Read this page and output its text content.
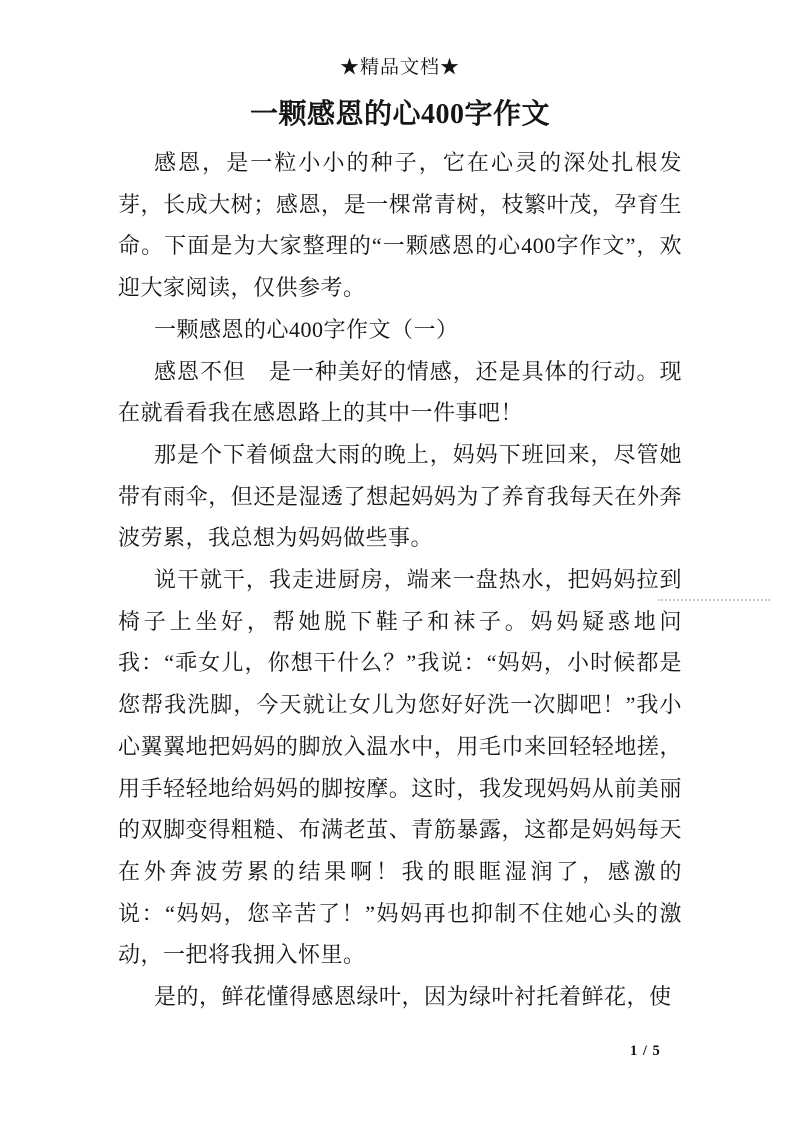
★精品文档★
一颗感恩的心400字作文

感恩，是一粒小小的种子，它在心灵的深处扎根发芽，长成大树；感恩，是一棵常青树，枝繁叶茂，孕育生命。下面是为大家整理的“一颗感恩的心400字作文”，欢迎大家阅读，仅供参考。

一颗感恩的心400字作文（一）

感恩不但　是一种美好的情感，还是具体的行动。现在就看看我在感恩路上的其中一件事吧！

那是个下着倾盘大雨的晚上，妈妈下班回来，尽管她带有雨伞，但还是湿透了想起妈妈为了养育我每天在外奔波劳累，我总想为妈妈做些事。

说干就干，我走进厨房，端来一盘热水，把妈妈拉到椅子上坐好，帮她脱下鞋子和袜子。妈妈疑惑地问我：“乖女儿，你想干什么？”我说：“妈妈，小时候都是您帮我洗脚，今天就让女儿为您好好洗一次脚吧！”我小心翼翼地把妈妈的脚放入温水中，用毛巾来回轻轻地搓，用手轻轻地给妈妈的脚按摩。这时，我发现妈妈从前美丽的双脚变得粗糙、布满老茧、青筋暴露，这都是妈妈每天在外奔波劳累的结果啊！我的眼眶湿润了，感激的说：“妈妈，您辛苦了！”妈妈再也抑制不住她心头的激动，一把将我拥入怀里。

是的，鲜花懂得感恩绿叶，因为绿叶衬托着鲜花，使

1 / 5
